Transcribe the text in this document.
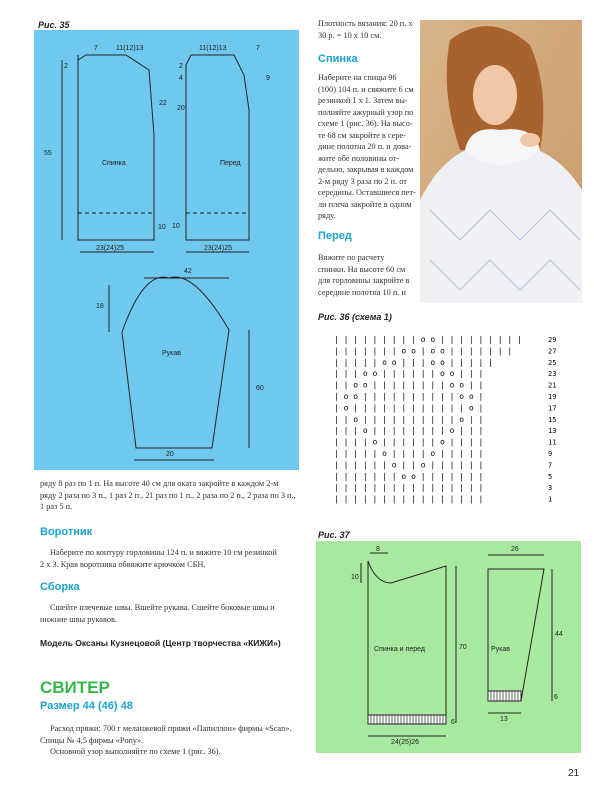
Рис. 35
Спинка	Перед
Рукав
7	11(12)13
2
55
22
10
23(24)25
11(12)13	7
2
4	9
20
10
23(24)25
42
18
60
20
Плотность вязания: 20 п. x 30 р. = 10 x 10 см.
Спинка
Наберите на спицы 96
(100) 104 п. и свяжите 6 см
резинкой 1 x 1. Затем вы-
полняйте ажурный узор по
схеме 1 (рис. 36). На высо-
те 68 см закройте в сере-
дине полотна 20 п. и дова-
жите обе половины от-
дельно, закрывая в каждом
2-м ряду 3 раза по 2 п. от
середины. Оставшиеся пет-
ли плеча закройте в одном
ряду.
Перед
Вяжите по расчету
спинки. На высоте 60 см
для горловины закройте в
середине полотна 10 п. и
Рис. 36 (схема 1)
| | | | | | | | | o o | | | | | | | | |	29
| | | | | | | o o | o o | | | | | | |	27
| | | | | o o | | | o o | | | | |	25
| | | o o | | | | | | o o | | |	23
| | o o | | | | | | | | o o | |	21
| o o | | | | | | | | | | o o |	19
| o | | | | | | | | | | | | o |	17
| | o | | | | | | | | | | o | |	15
| | | o | | | | | | | | o | | |	13
| | | | o | | | | | | o | | | |	11
| | | | | o | | | | o | | | | |	9
| | | | | | o | | o | | | | | |	7
| | | | | | | o o | | | | | | |	5
| | | | | | | | | | | | | | | |	3
| | | | | | | | | | | | | | | |	1
ряду 8 раз по 1 п. На высоте 40 см для оката закройте в каждом 2-м
ряду 2 раза по 3 п., 1 раз 2 п., 21 раз по 1 п., 2 раза по 2 п., 2 раза по 3 п.,
1 раз 5 п.
Воротник
Наберите по контуру горловины 124 п. и вяжите 10 см резинкой
2 x 3. Края воротника обвяжите крючком СБН.
Сборка
Сшейте плечевые швы. Вшейте рукава. Сшейте боковые швы и
нижние швы рукавов.
Модель Оксаны Кузнецовой (Центр творчества «КИЖИ»)
СВИТЕР
Размер 44 (46) 48
Расход пряжи: 700 г меланжевой пряжи «Папиллон» фирмы «Scan».
Спицы № 4,5 фирмы «Pony».
Основной узор выполняйте по схеме 1 (рис. 36).
Рис. 37
Спинка и перед
8
10
70
6
24(25)26
Рукав
26
44
6
13
21
